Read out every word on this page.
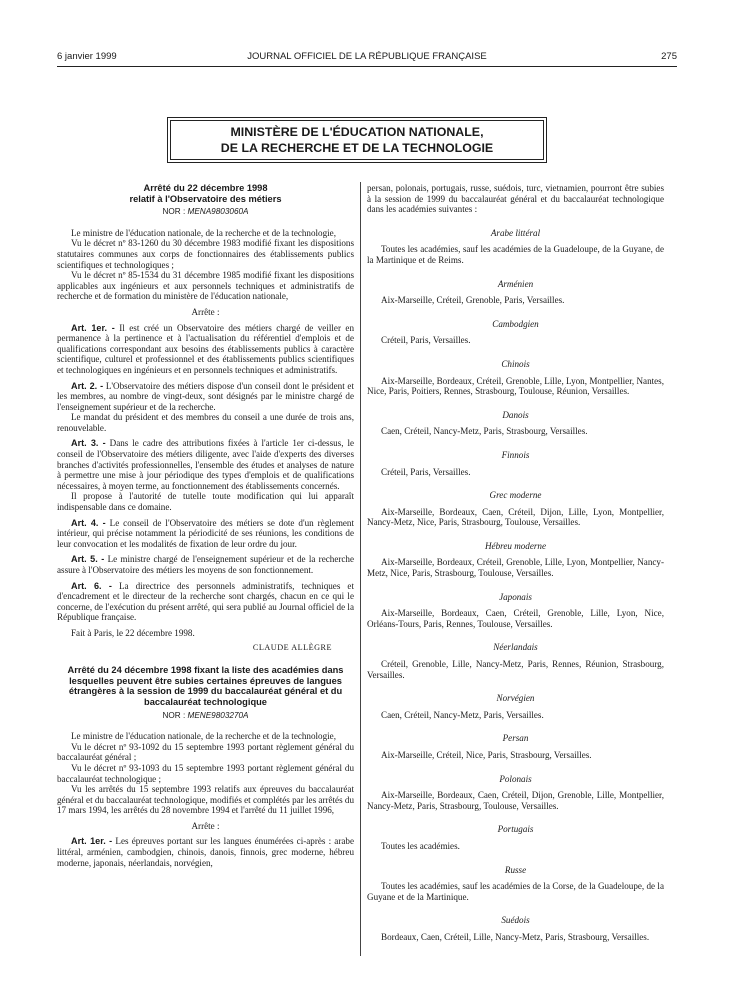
6 janvier 1999	JOURNAL OFFICIEL DE LA RÉPUBLIQUE FRANÇAISE	275
MINISTÈRE DE L'ÉDUCATION NATIONALE,
DE LA RECHERCHE ET DE LA TECHNOLOGIE
Arrêté du 22 décembre 1998
relatif à l'Observatoire des métiers
NOR : MENA9803060A

Le ministre de l'éducation nationale, de la recherche et de la technologie,

Vu le décret nº 83-1260 du 30 décembre 1983 modifié fixant les dispositions statutaires communes aux corps de fonctionnaires des établissements publics scientifiques et technologiques ;

Vu le décret nº 85-1534 du 31 décembre 1985 modifié fixant les dispositions applicables aux ingénieurs et aux personnels techniques et administratifs de recherche et de formation du ministère de l'éducation nationale,

Arrête :

Art. 1er. - Il est créé un Observatoire des métiers chargé de veiller en permanence à la pertinence et à l'actualisation du référentiel d'emplois et de qualifications correspondant aux besoins des établissements publics à caractère scientifique, culturel et professionnel et des établissements publics scientifiques et technologiques en ingénieurs et en personnels techniques et administratifs.

Art. 2. - L'Observatoire des métiers dispose d'un conseil dont le président et les membres, au nombre de vingt-deux, sont désignés par le ministre chargé de l'enseignement supérieur et de la recherche.

Le mandat du président et des membres du conseil a une durée de trois ans, renouvelable.

Art. 3. - Dans le cadre des attributions fixées à l'article 1er ci-dessus, le conseil de l'Observatoire des métiers diligente, avec l'aide d'experts des diverses branches d'activités professionnelles, l'ensemble des études et analyses de nature à permettre une mise à jour périodique des types d'emplois et de qualifications nécessaires, à moyen terme, au fonctionnement des établissements concernés.

Il propose à l'autorité de tutelle toute modification qui lui apparaît indispensable dans ce domaine.

Art. 4. - Le conseil de l'Observatoire des métiers se dote d'un règlement intérieur, qui précise notamment la périodicité de ses réunions, les conditions de leur convocation et les modalités de fixation de leur ordre du jour.

Art. 5. - Le ministre chargé de l'enseignement supérieur et de la recherche assure à l'Observatoire des métiers les moyens de son fonctionnement.

Art. 6. - La directrice des personnels administratifs, techniques et d'encadrement et le directeur de la recherche sont chargés, chacun en ce qui le concerne, de l'exécution du présent arrêté, qui sera publié au Journal officiel de la République française.

Fait à Paris, le 22 décembre 1998.

CLAUDE ALLÈGRE
Arrêté du 24 décembre 1998 fixant la liste des académies dans lesquelles peuvent être subies certaines épreuves de langues étrangères à la session de 1999 du baccalauréat général et du baccalauréat technologique
NOR : MENE9803270A

Le ministre de l'éducation nationale, de la recherche et de la technologie,

Vu le décret nº 93-1092 du 15 septembre 1993 portant règlement général du baccalauréat général ;

Vu le décret nº 93-1093 du 15 septembre 1993 portant règlement général du baccalauréat technologique ;

Vu les arrêtés du 15 septembre 1993 relatifs aux épreuves du baccalauréat général et du baccalauréat technologique, modifiés et complétés par les arrêtés du 17 mars 1994, les arrêtés du 28 novembre 1994 et l'arrêté du 11 juillet 1996,

Arrête :

Art. 1er. - Les épreuves portant sur les langues énumérées ci-après : arabe littéral, arménien, cambodgien, chinois, danois, finnois, grec moderne, hébreu moderne, japonais, néerlandais, norvégien,

persan, polonais, portugais, russe, suédois, turc, vietnamien, pourront être subies à la session de 1999 du baccalauréat général et du baccalauréat technologique dans les académies suivantes :

Arabe littéral

Toutes les académies, sauf les académies de la Guadeloupe, de la Guyane, de la Martinique et de Reims.

Arménien

Aix-Marseille, Créteil, Grenoble, Paris, Versailles.

Cambodgien

Créteil, Paris, Versailles.

Chinois

Aix-Marseille, Bordeaux, Créteil, Grenoble, Lille, Lyon, Montpellier, Nantes, Nice, Paris, Poitiers, Rennes, Strasbourg, Toulouse, Réunion, Versailles.

Danois

Caen, Créteil, Nancy-Metz, Paris, Strasbourg, Versailles.

Finnois

Créteil, Paris, Versailles.

Grec moderne

Aix-Marseille, Bordeaux, Caen, Créteil, Dijon, Lille, Lyon, Montpellier, Nancy-Metz, Nice, Paris, Strasbourg, Toulouse, Versailles.

Hébreu moderne

Aix-Marseille, Bordeaux, Créteil, Grenoble, Lille, Lyon, Montpellier, Nancy-Metz, Nice, Paris, Strasbourg, Toulouse, Versailles.

Japonais

Aix-Marseille, Bordeaux, Caen, Créteil, Grenoble, Lille, Lyon, Nice, Orléans-Tours, Paris, Rennes, Toulouse, Versailles.

Néerlandais

Créteil, Grenoble, Lille, Nancy-Metz, Paris, Rennes, Réunion, Strasbourg, Versailles.

Norvégien

Caen, Créteil, Nancy-Metz, Paris, Versailles.

Persan

Aix-Marseille, Créteil, Nice, Paris, Strasbourg, Versailles.

Polonais

Aix-Marseille, Bordeaux, Caen, Créteil, Dijon, Grenoble, Lille, Montpellier, Nancy-Metz, Paris, Strasbourg, Toulouse, Versailles.

Portugais

Toutes les académies.

Russe

Toutes les académies, sauf les académies de la Corse, de la Guadeloupe, de la Guyane et de la Martinique.

Suédois

Bordeaux, Caen, Créteil, Lille, Nancy-Metz, Paris, Strasbourg, Versailles.
